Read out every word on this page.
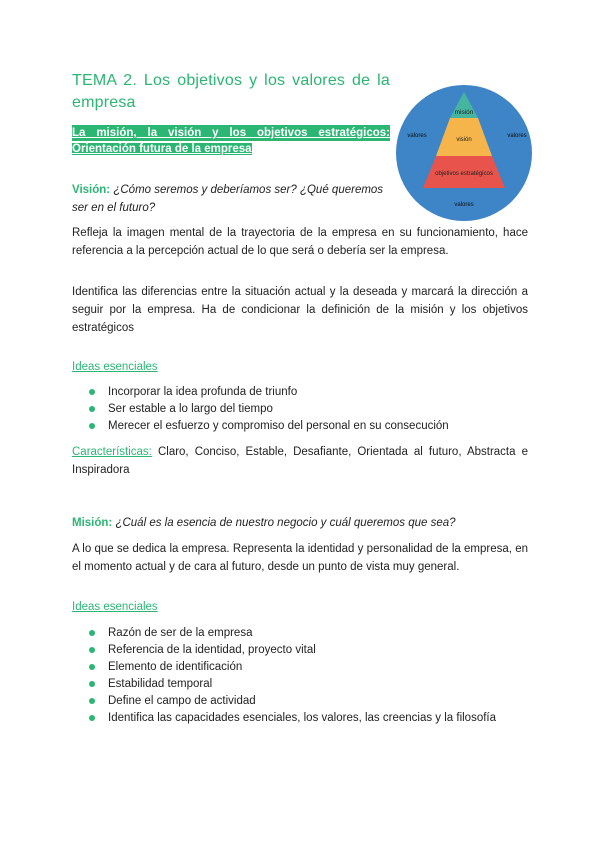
TEMA 2. Los objetivos y los valores de la empresa
La misión, la visión y los objetivos estratégicos:
Orientación futura de la empresa
misión
visión
objetivos estratégicos
valores	valores
valores
Visión: ¿Cómo seremos y deberíamos ser? ¿Qué queremos ser en el futuro?
Refleja la imagen mental de la trayectoria de la empresa en su funcionamiento, hace referencia a la percepción actual de lo que será o debería ser la empresa.
Identifica las diferencias entre la situación actual y la deseada y marcará la dirección a seguir por la empresa. Ha de condicionar la definición de la misión y los objetivos estratégicos
Ideas esenciales
Incorporar la idea profunda de triunfo
Ser estable a lo largo del tiempo
Merecer el esfuerzo y compromiso del personal en su consecución
Características: Claro, Conciso, Estable, Desafiante, Orientada al futuro, Abstracta e Inspiradora
Misión: ¿Cuál es la esencia de nuestro negocio y cuál queremos que sea?
A lo que se dedica la empresa. Representa la identidad y personalidad de la empresa, en el momento actual y de cara al futuro, desde un punto de vista muy general.
Ideas esenciales
Razón de ser de la empresa
Referencia de la identidad, proyecto vital
Elemento de identificación
Estabilidad temporal
Define el campo de actividad
Identifica las capacidades esenciales, los valores, las creencias y la filosofía
